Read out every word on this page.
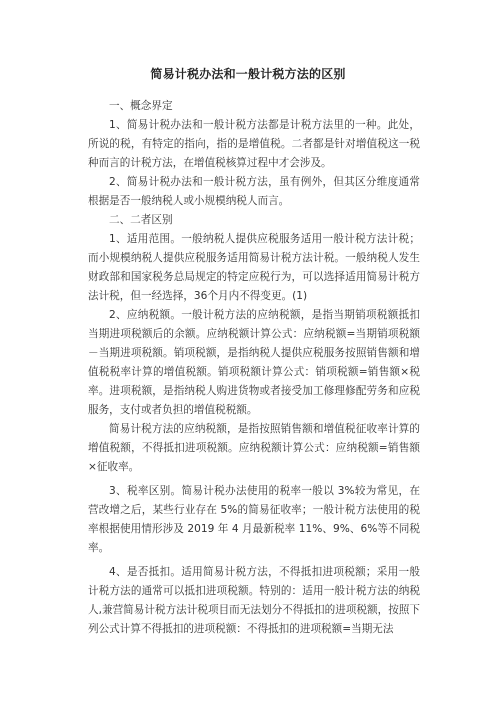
简易计税办法和一般计税方法的区别

一、概念界定

1、简易计税办法和一般计税方法都是计税方法里的一种。此处，所说的税，有特定的指向，指的是增值税。二者都是针对增值税这一税种而言的计税方法，在增值税核算过程中才会涉及。

2、简易计税办法和一般计税方法，虽有例外，但其区分维度通常根据是否一般纳税人或小规模纳税人而言。

二、二者区别

1、适用范围。一般纳税人提供应税服务适用一般计税方法计税；而小规模纳税人提供应税服务适用简易计税方法计税。一般纳税人发生财政部和国家税务总局规定的特定应税行为，可以选择适用简易计税方法计税，但一经选择，36个月内不得变更。(1)

2、应纳税额。一般计税方法的应纳税额，是指当期销项税额抵扣当期进项税额后的余额。应纳税额计算公式：应纳税额=当期销项税额－当期进项税额。销项税额，是指纳税人提供应税服务按照销售额和增值税税率计算的增值税额。销项税额计算公式：销项税额=销售额×税率。进项税额，是指纳税人购进货物或者接受加工修理修配劳务和应税服务，支付或者负担的增值税税额。

简易计税方法的应纳税额，是指按照销售额和增值税征收率计算的增值税额，不得抵扣进项税额。应纳税额计算公式：应纳税额=销售额×征收率。

3、税率区别。简易计税办法使用的税率一般以 3%较为常见，在营改增之后，某些行业存在 5%的简易征收率；一般计税方法使用的税率根据使用情形涉及 2019 年 4 月最新税率 11%、9%、6%等不同税率。

4、是否抵扣。适用简易计税方法，不得抵扣进项税额；采用一般计税方法的通常可以抵扣进项税额。特别的：适用一般计税方法的纳税人,兼营简易计税方法计税项目而无法划分不得抵扣的进项税额，按照下列公式计算不得抵扣的进项税额：不得抵扣的进项税额=当期无法
